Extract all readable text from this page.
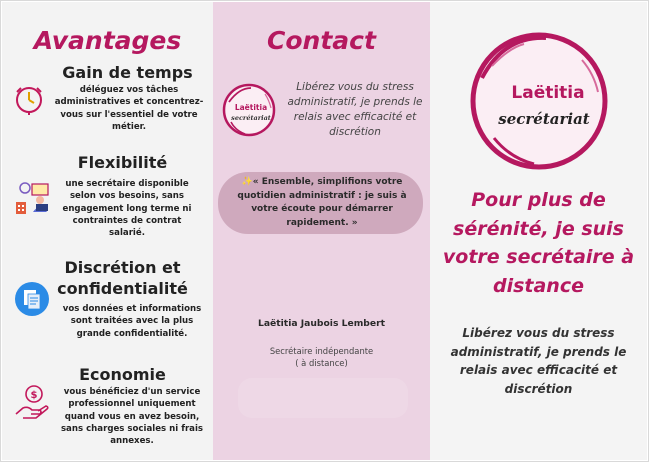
Avantages
Gain de temps

déléguez vos tâches administratives et concentrez-vous sur l'essentiel de votre métier.

Flexibilité

une secrétaire disponible selon vos besoins, sans engagement long terme ni contraintes de contrat salarié.

Discrétion et confidentialité

vos données et informations sont traitées avec la plus grande confidentialité.

Economie
$	vous bénéficiez d'un service professionnel uniquement quand vous en avez besoin, sans charges sociales ni frais annexes.

Contact
Laëtitia
secrétariat

Libérez vous du stress administratif, je prends le relais avec efficacité et discrétion

✨« Ensemble, simplifions votre quotidien administratif : je suis à votre écoute pour démarrer rapidement. »

Laëtitia Jaubois Lembert

Secrétaire indépendante
( à distance)

Laëtitia
secrétariat
Pour plus de sérénité, je suis votre secrétaire à distance

Libérez vous du stress administratif, je prends le relais avec efficacité et discrétion
